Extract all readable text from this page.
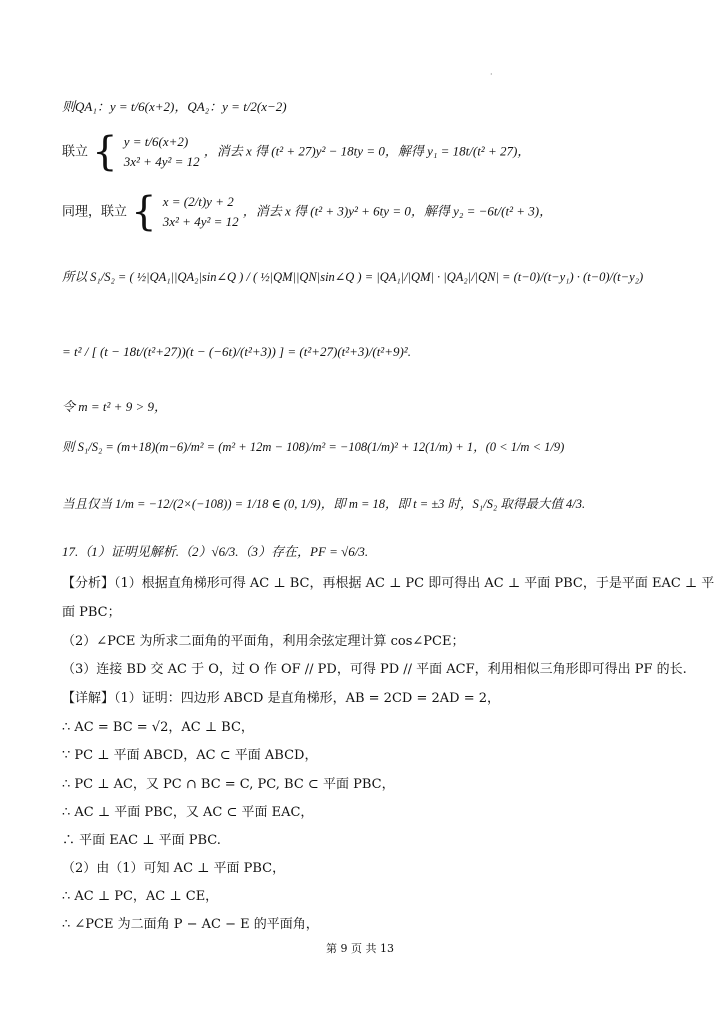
·
则QA₁：y = t/6(x+2)，QA₂：y = t/2(x−2)
联立 { y = t/6(x+2)
3x² + 4y² = 12
，消去 x 得 (t² + 27)y² − 18ty = 0，解得 y₁ = 18t/(t² + 27)，
同理，联立 { x = (2/t)y + 2
3x² + 4y² = 12
，消去 x 得 (t² + 3)y² + 6ty = 0，解得 y₂ = −6t/(t² + 3)，
所以 S₁/S₂ = ( ½|QA₁||QA₂|sin∠Q ) / ( ½|QM||QN|sin∠Q ) = |QA₁|/|QM| · |QA₂|/|QN| = (t−0)/(t−y₁) · (t−0)/(t−y₂)
= t² / [ (t − 18t/(t²+27))(t − (−6t)/(t²+3)) ] = (t²+27)(t²+3)/(t²+9)².
令 m = t² + 9 > 9，
则 S₁/S₂ = (m+18)(m−6)/m² = (m² + 12m − 108)/m² = −108(1/m)² + 12(1/m) + 1，(0 < 1/m < 1/9)
当且仅当 1/m = −12/(2×(−108)) = 1/18 ∈ (0, 1/9)，即 m = 18，即 t = ±3 时，S₁/S₂ 取得最大值 4/3.
17.（1）证明见解析.（2）√6/3.（3）存在，PF = √6/3.
【分析】（1）根据直角梯形可得 AC ⊥ BC，再根据 AC ⊥ PC 即可得出 AC ⊥ 平面 PBC，于是平面 EAC ⊥ 平
面 PBC；
（2）∠PCE 为所求二面角的平面角，利用余弦定理计算 cos∠PCE；
（3）连接 BD 交 AC 于 O，过 O 作 OF // PD，可得 PD // 平面 ACF，利用相似三角形即可得出 PF 的长.
【详解】（1）证明：四边形 ABCD 是直角梯形，AB = 2CD = 2AD = 2，
∴ AC = BC = √2，AC ⊥ BC，
∵ PC ⊥ 平面 ABCD，AC ⊂ 平面 ABCD，
∴ PC ⊥ AC，又 PC ∩ BC = C, PC, BC ⊂ 平面 PBC，
∴ AC ⊥ 平面 PBC，又 AC ⊂ 平面 EAC，
∴ 平面 EAC ⊥ 平面 PBC.
（2）由（1）可知 AC ⊥ 平面 PBC，
∴ AC ⊥ PC，AC ⊥ CE，
∴ ∠PCE 为二面角 P − AC − E 的平面角，
第 9 页 共 13
